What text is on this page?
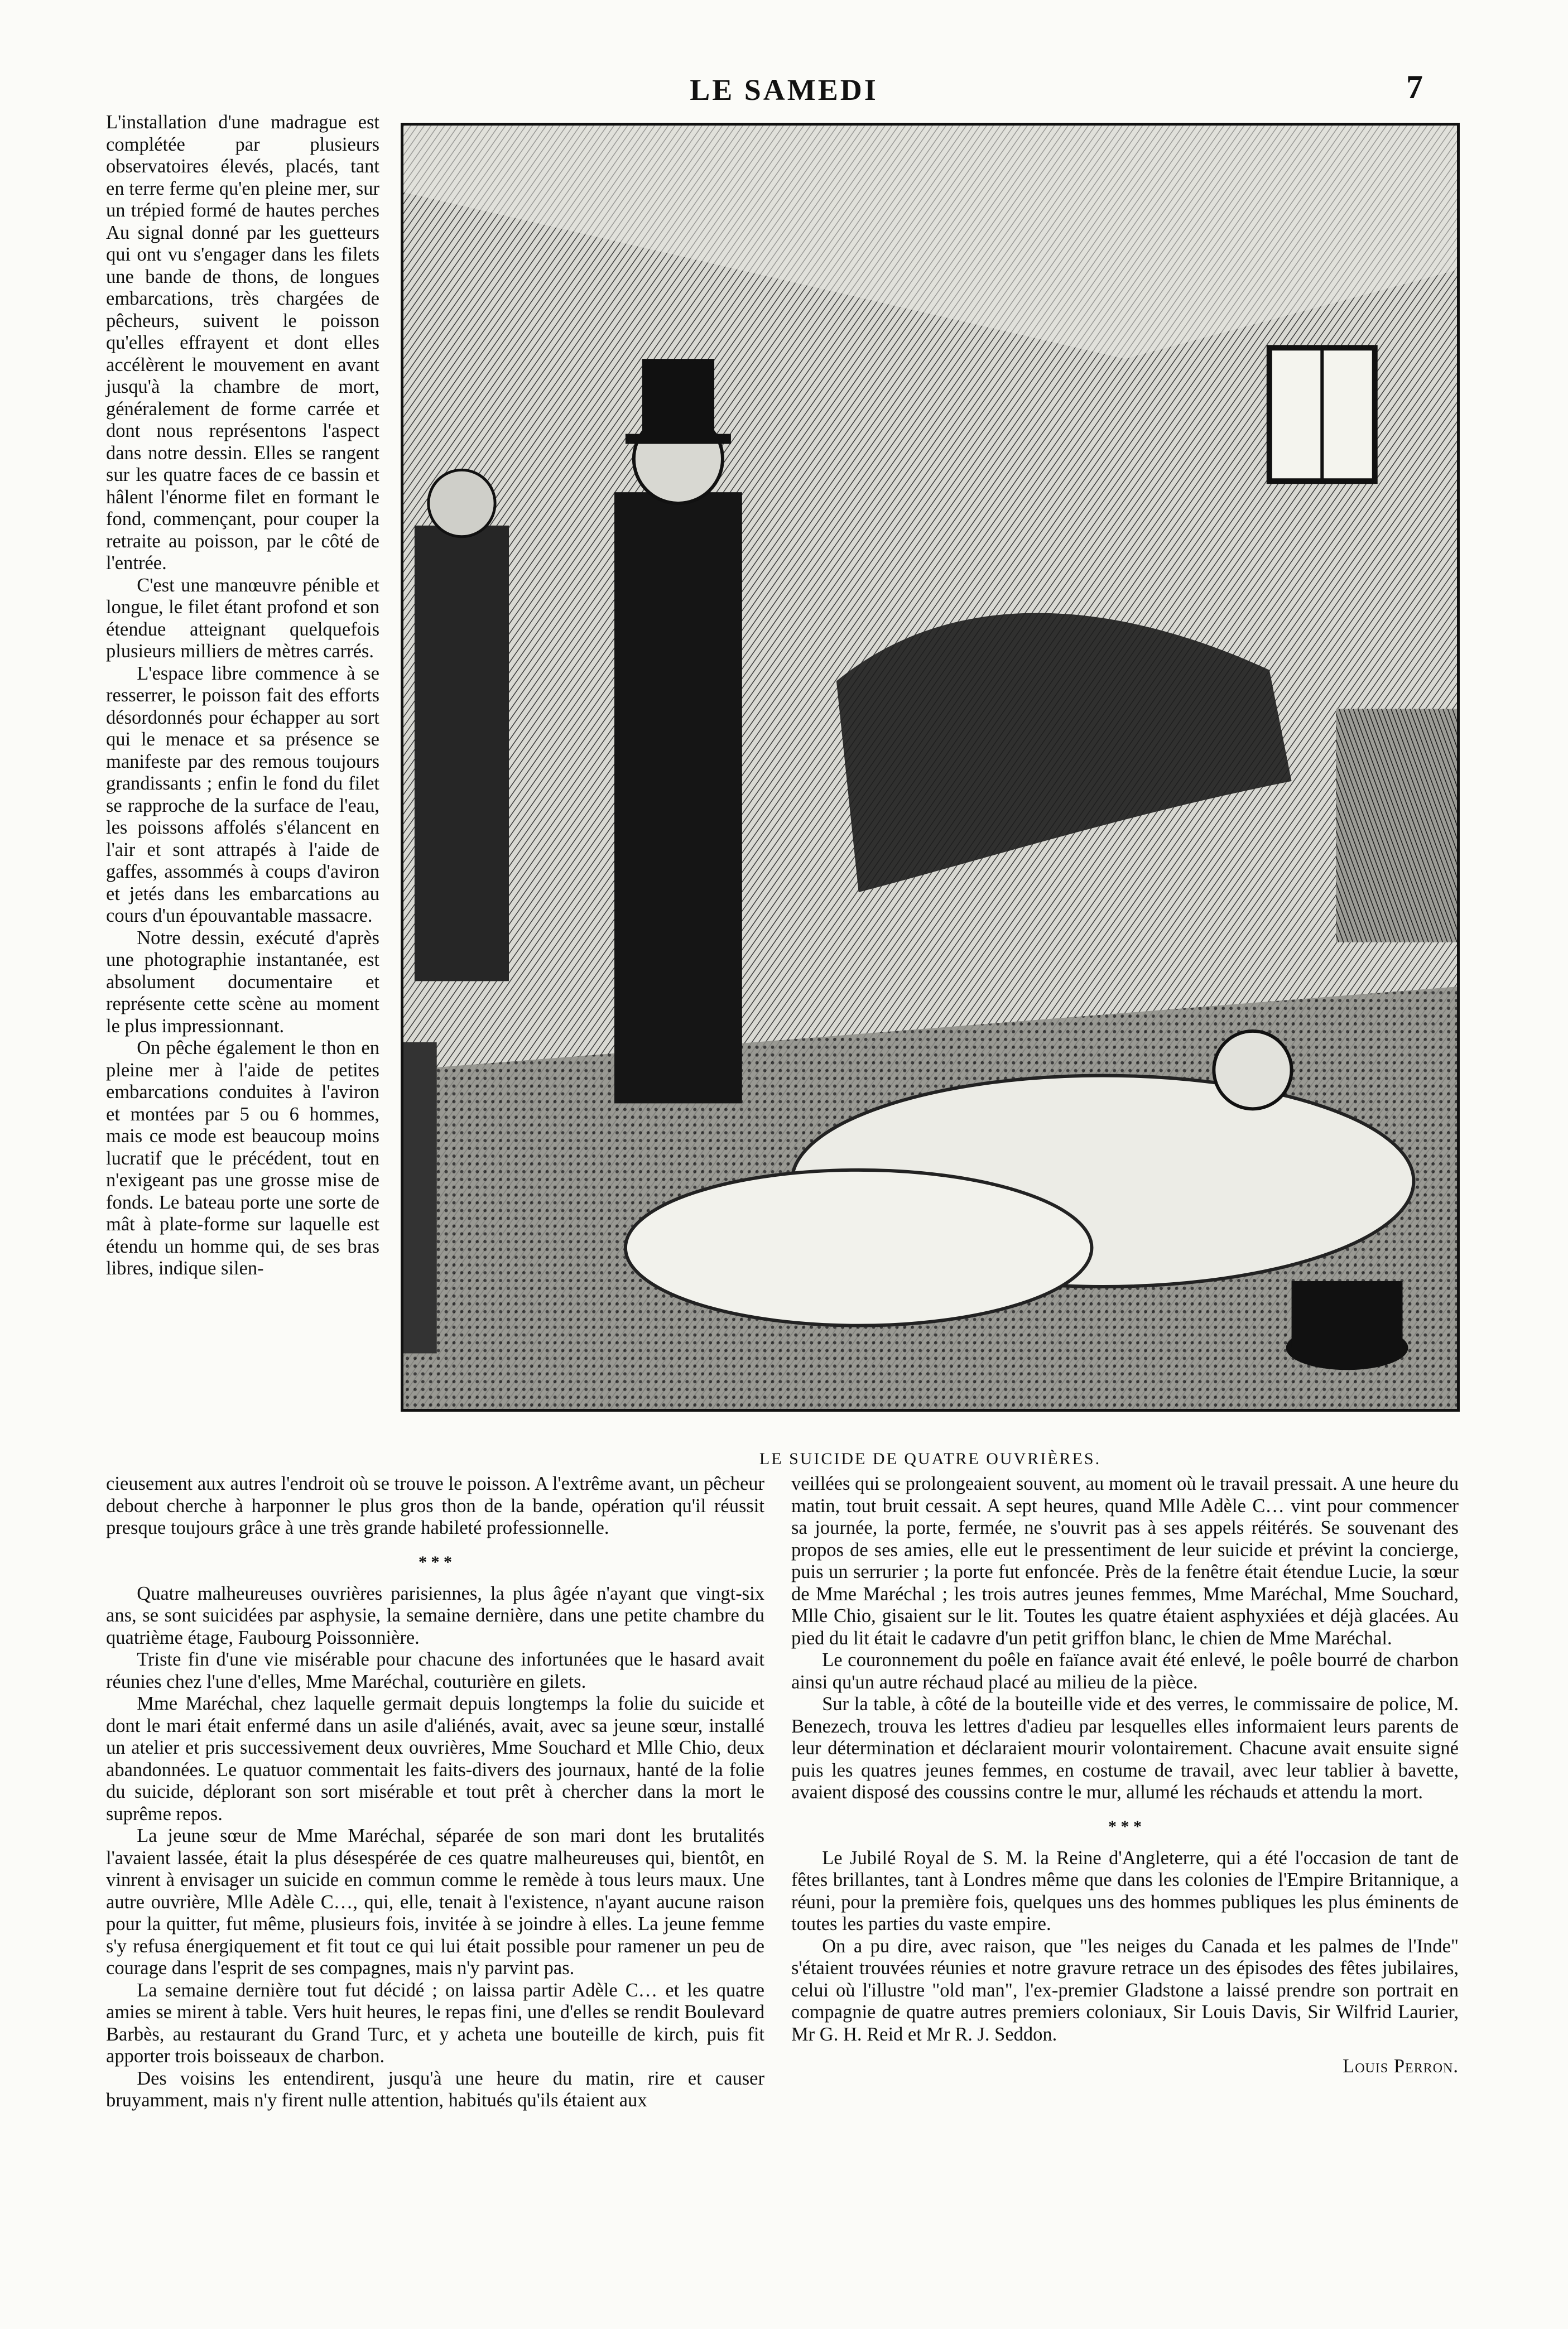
LE SAMEDI	7

L'installation d'une madrague est complétée par plusieurs observatoires élevés, placés, tant en terre ferme qu'en pleine mer, sur un trépied formé de hautes perches Au signal donné par les guetteurs qui ont vu s'engager dans les filets une bande de thons, de longues embarcations, très chargées de pêcheurs, suivent le poisson qu'elles effrayent et dont elles accélèrent le mouvement en avant jusqu'à la chambre de mort, généralement de forme carrée et dont nous représentons l'aspect dans notre dessin. Elles se rangent sur les quatre faces de ce bassin et hâlent l'énorme filet en formant le fond, commençant, pour couper la retraite au poisson, par le côté de l'entrée.

C'est une manœuvre pénible et longue, le filet étant profond et son étendue atteignant quelquefois plusieurs milliers de mètres carrés.

L'espace libre commence à se resserrer, le poisson fait des efforts désordonnés pour échapper au sort qui le menace et sa présence se manifeste par des remous toujours grandissants ; enfin le fond du filet se rapproche de la surface de l'eau, les poissons affolés s'élancent en l'air et sont attrapés à l'aide de gaffes, assommés à coups d'aviron et jetés dans les embarcations au cours d'un épouvantable massacre.

Notre dessin, exécuté d'après une photographie instantanée, est absolument documentaire et représente cette scène au moment le plus impressionnant.

On pêche également le thon en pleine mer à l'aide de petites embarcations conduites à l'aviron et montées par 5 ou 6 hommes, mais ce mode est beaucoup moins lucratif que le précédent, tout en n'exigeant pas une grosse mise de fonds. Le bateau porte une sorte de mât à plate-forme sur laquelle est étendu un homme qui, de ses bras libres, indique silen-

LE SUICIDE DE QUATRE OUVRIÈRES.

cieusement aux autres l'endroit où se trouve le poisson. A l'extrême avant, un pêcheur debout cherche à harponner le plus gros thon de la bande, opération qu'il réussit presque toujours grâce à une très grande habileté professionnelle.

* * *

Quatre malheureuses ouvrières parisiennes, la plus âgée n'ayant que vingt-six ans, se sont suicidées par asphysie, la semaine dernière, dans une petite chambre du quatrième étage, Faubourg Poissonnière.

Triste fin d'une vie misérable pour chacune des infortunées que le hasard avait réunies chez l'une d'elles, Mme Maréchal, couturière en gilets.

Mme Maréchal, chez laquelle germait depuis longtemps la folie du suicide et dont le mari était enfermé dans un asile d'aliénés, avait, avec sa jeune sœur, installé un atelier et pris successivement deux ouvrières, Mme Souchard et Mlle Chio, deux abandonnées. Le quatuor commentait les faits-divers des journaux, hanté de la folie du suicide, déplorant son sort misérable et tout prêt à chercher dans la mort le suprême repos.

La jeune sœur de Mme Maréchal, séparée de son mari dont les brutalités l'avaient lassée, était la plus désespérée de ces quatre malheureuses qui, bientôt, en vinrent à envisager un suicide en commun comme le remède à tous leurs maux. Une autre ouvrière, Mlle Adèle C…, qui, elle, tenait à l'existence, n'ayant aucune raison pour la quitter, fut même, plusieurs fois, invitée à se joindre à elles. La jeune femme s'y refusa énergiquement et fit tout ce qui lui était possible pour ramener un peu de courage dans l'esprit de ses compagnes, mais n'y parvint pas.

La semaine dernière tout fut décidé ; on laissa partir Adèle C… et les quatre amies se mirent à table. Vers huit heures, le repas fini, une d'elles se rendit Boulevard Barbès, au restaurant du Grand Turc, et y acheta une bouteille de kirch, puis fit apporter trois boisseaux de charbon.

Des voisins les entendirent, jusqu'à une heure du matin, rire et causer bruyamment, mais n'y firent nulle attention, habitués qu'ils étaient aux

veillées qui se prolongeaient souvent, au moment où le travail pressait. A une heure du matin, tout bruit cessait. A sept heures, quand Mlle Adèle C… vint pour commencer sa journée, la porte, fermée, ne s'ouvrit pas à ses appels réitérés. Se souvenant des propos de ses amies, elle eut le pressentiment de leur suicide et prévint la concierge, puis un serrurier ; la porte fut enfoncée. Près de la fenêtre était étendue Lucie, la sœur de Mme Maréchal ; les trois autres jeunes femmes, Mme Maréchal, Mme Souchard, Mlle Chio, gisaient sur le lit. Toutes les quatre étaient asphyxiées et déjà glacées. Au pied du lit était le cadavre d'un petit griffon blanc, le chien de Mme Maréchal.

Le couronnement du poêle en faïance avait été enlevé, le poêle bourré de charbon ainsi qu'un autre réchaud placé au milieu de la pièce.

Sur la table, à côté de la bouteille vide et des verres, le commissaire de police, M. Benezech, trouva les lettres d'adieu par lesquelles elles informaient leurs parents de leur détermination et déclaraient mourir volontairement. Chacune avait ensuite signé puis les quatres jeunes femmes, en costume de travail, avec leur tablier à bavette, avaient disposé des coussins contre le mur, allumé les réchauds et attendu la mort.

* * *

Le Jubilé Royal de S. M. la Reine d'Angleterre, qui a été l'occasion de tant de fêtes brillantes, tant à Londres même que dans les colonies de l'Empire Britannique, a réuni, pour la première fois, quelques uns des hommes publiques les plus éminents de toutes les parties du vaste empire.

On a pu dire, avec raison, que "les neiges du Canada et les palmes de l'Inde" s'étaient trouvées réunies et notre gravure retrace un des épisodes des fêtes jubilaires, celui où l'illustre "old man", l'ex-premier Gladstone a laissé prendre son portrait en compagnie de quatre autres premiers coloniaux, Sir Louis Davis, Sir Wilfrid Laurier, Mr G. H. Reid et Mr R. J. Seddon.

Louis Perron.
